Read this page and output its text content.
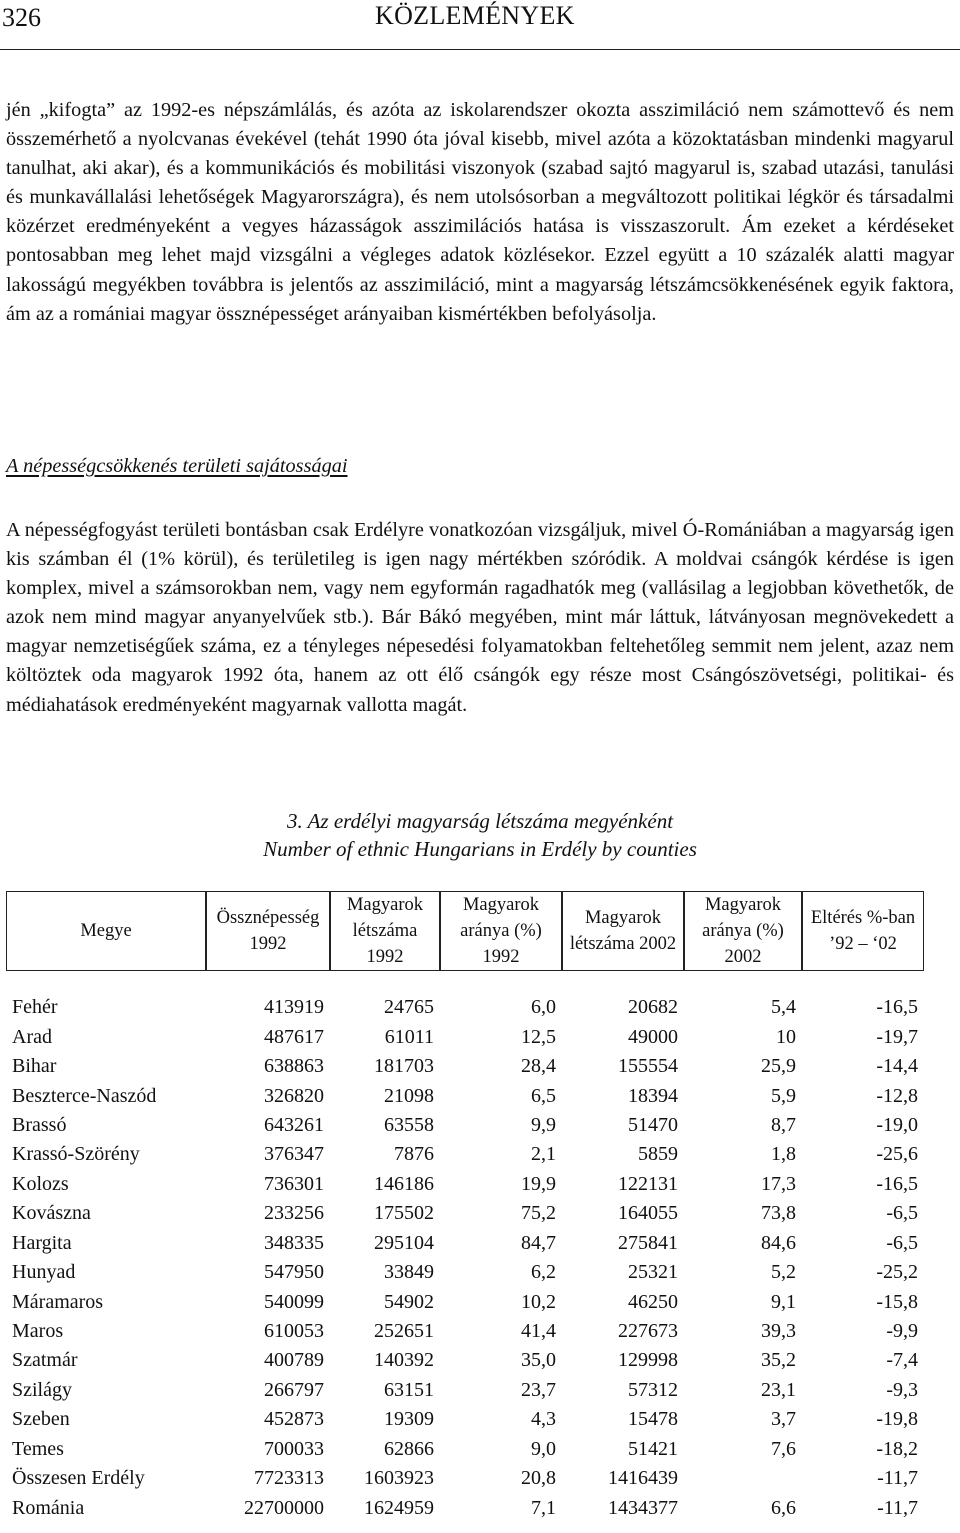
326	KÖZLEMÉNYEK

jén „kifogta” az 1992-es népszámlálás, és azóta az iskolarendszer okozta asszimiláció nem számottevő és nem összemérhető a nyolcvanas évekével (tehát 1990 óta jóval kisebb, mivel azóta a közoktatásban mindenki magyarul tanulhat, aki akar), és a kommunikációs és mobilitási viszonyok (szabad sajtó magyarul is, szabad utazási, tanulási és munkavállalási lehetőségek Magyarországra), és nem utolsósorban a megváltozott politikai légkör és társadalmi közérzet eredményeként a vegyes házasságok asszimilációs hatása is visszaszorult. Ám ezeket a kérdéseket pontosabban meg lehet majd vizsgálni a végleges adatok közlésekor. Ezzel együtt a 10 százalék alatti magyar lakosságú megyékben továbbra is jelentős az asszimiláció, mint a magyarság létszámcsökkenésének egyik faktora, ám az a romániai magyar össznépességet arányaiban kismértékben befolyásolja.

A népességcsökkenés területi sajátosságai

A népességfogyást területi bontásban csak Erdélyre vonatkozóan vizsgáljuk, mivel Ó-Romániában a magyarság igen kis számban él (1% körül), és területileg is igen nagy mértékben szóródik. A moldvai csángók kérdése is igen komplex, mivel a számsorokban nem, vagy nem egyformán ragadhatók meg (vallásilag a legjobban követhetők, de azok nem mind magyar anyanyelvűek stb.). Bár Bákó megyében, mint már láttuk, látványosan megnövekedett a magyar nemzetiségűek száma, ez a tényleges népesedési folyamatokban feltehetőleg semmit nem jelent, azaz nem költöztek oda magyarok 1992 óta, hanem az ott élő csángók egy része most Csángószövetségi, politikai- és médiahatások eredményeként magyarnak vallotta magát.

3. Az erdélyi magyarság létszáma megyénként
Number of ethnic Hungarians in Erdély by counties
Megye	Össznépesség 1992	Magyarok létszáma 1992	Magyarok aránya (%) 1992	Magyarok létszáma 2002	Magyarok aránya (%) 2002	Eltérés %-ban ’92 – ‘02
Fehér	413919	24765	6,0	20682	5,4	-16,5
Arad	487617	61011	12,5	49000	10	-19,7
Bihar	638863	181703	28,4	155554	25,9	-14,4
Beszterce-Naszód	326820	21098	6,5	18394	5,9	-12,8
Brassó	643261	63558	9,9	51470	8,7	-19,0
Krassó-Szörény	376347	7876	2,1	5859	1,8	-25,6
Kolozs	736301	146186	19,9	122131	17,3	-16,5
Kovászna	233256	175502	75,2	164055	73,8	-6,5
Hargita	348335	295104	84,7	275841	84,6	-6,5
Hunyad	547950	33849	6,2	25321	5,2	-25,2
Máramaros	540099	54902	10,2	46250	9,1	-15,8
Maros	610053	252651	41,4	227673	39,3	-9,9
Szatmár	400789	140392	35,0	129998	35,2	-7,4
Szilágy	266797	63151	23,7	57312	23,1	-9,3
Szeben	452873	19309	4,3	15478	3,7	-19,8
Temes	700033	62866	9,0	51421	7,6	-18,2
Összesen Erdély	7723313	1603923	20,8	1416439		-11,7
Románia	22700000	1624959	7,1	1434377	6,6	-11,7
